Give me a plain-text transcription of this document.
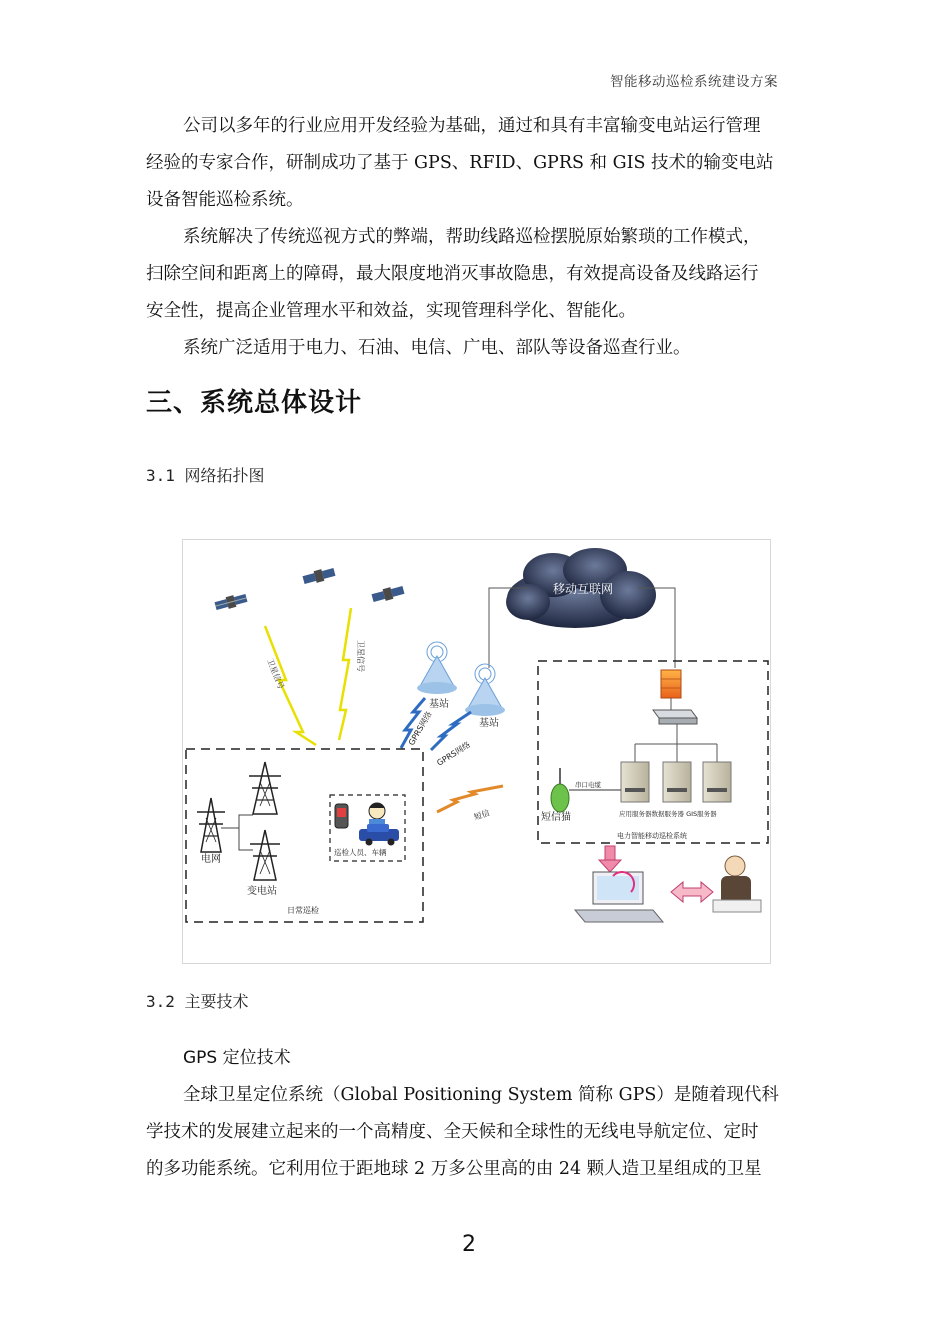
智能移动巡检系统建设方案
公司以多年的行业应用开发经验为基础，通过和具有丰富输变电站运行管理
经验的专家合作，研制成功了基于 GPS、RFID、GPRS 和 GIS 技术的输变电站
设备智能巡检系统。
系统解决了传统巡视方式的弊端，帮助线路巡检摆脱原始繁琐的工作模式，
扫除空间和距离上的障碍，最大限度地消灭事故隐患，有效提高设备及线路运行
安全性，提高企业管理水平和效益，实现管理科学化、智能化。
系统广泛适用于电力、石油、电信、广电、部队等设备巡查行业。
三、系统总体设计
3.1 网络拓扑图
卫星信号
卫星信号
移动互联网
基站
基站
GPRS网络
GPRS网络
短信	应用服务器数据服务器 GIS服务器
串口电缆
短信猫
电力智能移动巡检系统
电网
变电站
巡检人员、车辆
日常巡检
3.2 主要技术
GPS 定位技术
全球卫星定位系统（Global Positioning System 简称 GPS）是随着现代科
学技术的发展建立起来的一个高精度、全天候和全球性的无线电导航定位、定时
的多功能系统。它利用位于距地球 2 万多公里高的由 24 颗人造卫星组成的卫星
2
